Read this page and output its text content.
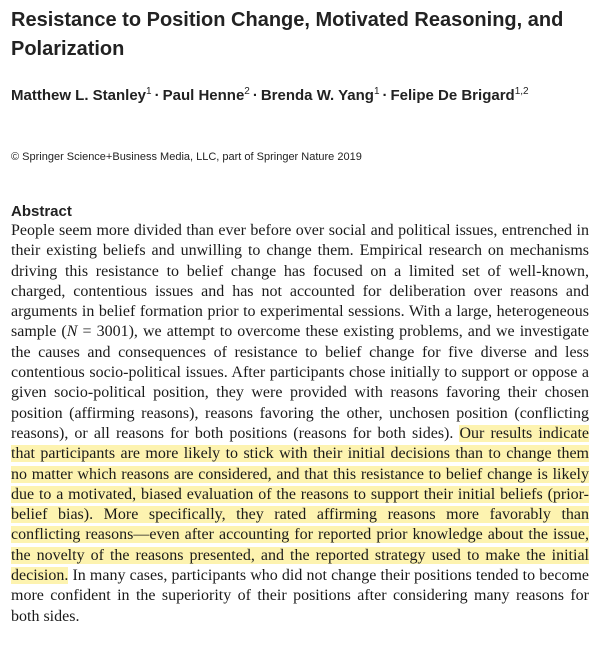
Resistance to Position Change, Motivated Reasoning, and Polarization
Matthew L. Stanley$^1$ · Paul Henne$^2$ · Brenda W. Yang$^1$ · Felipe De Brigard$^{1,2}$
© Springer Science+Business Media, LLC, part of Springer Nature 2019
Abstract

People seem more divided than ever before over social and political issues, entrenched in their existing beliefs and unwilling to change them. Empirical research on mechanisms driving this resistance to belief change has focused on a limited set of well-known, charged, contentious issues and has not accounted for deliberation over reasons and arguments in belief formation prior to experimental sessions. With a large, heterogeneous sample (N = 3001), we attempt to overcome these existing problems, and we investigate the causes and consequences of resistance to belief change for five diverse and less contentious socio-political issues. After participants chose initially to support or oppose a given socio-political position, they were provided with reasons favoring their chosen position (affirming reasons), reasons favoring the other, unchosen position (conflicting reasons), or all reasons for both positions (reasons for both sides). Our results indicate that participants are more likely to stick with their initial decisions than to change them no matter which reasons are considered, and that this resistance to belief change is likely due to a motivated, biased evaluation of the reasons to support their initial beliefs (prior-belief bias). More specifically, they rated affirming reasons more favorably than conflicting reasons—even after accounting for reported prior knowledge about the issue, the novelty of the reasons presented, and the reported strategy used to make the initial decision. In many cases, participants who did not change their positions tended to become more confident in the superiority of their positions after considering many reasons for both sides.
